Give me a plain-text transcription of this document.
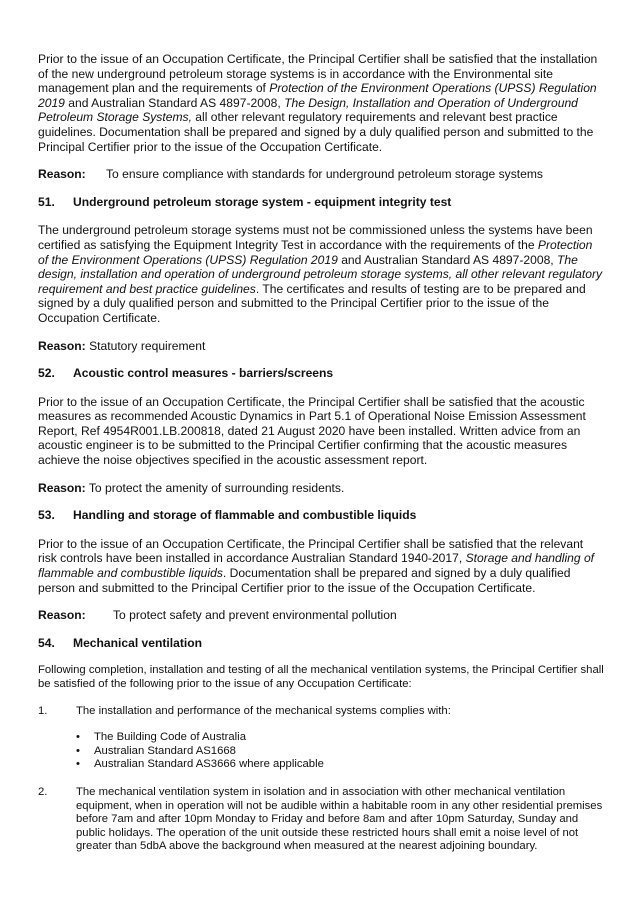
Prior to the issue of an Occupation Certificate, the Principal Certifier shall be satisfied that the installation of the new underground petroleum storage systems is in accordance with the Environmental site management plan and the requirements of Protection of the Environment Operations (UPSS) Regulation 2019 and Australian Standard AS 4897-2008, The Design, Installation and Operation of Underground Petroleum Storage Systems, all other relevant regulatory requirements and relevant best practice guidelines. Documentation shall be prepared and signed by a duly qualified person and submitted to the Principal Certifier prior to the issue of the Occupation Certificate.

Reason: To ensure compliance with standards for underground petroleum storage systems

51.	Underground petroleum storage system - equipment integrity test

The underground petroleum storage systems must not be commissioned unless the systems have been certified as satisfying the Equipment Integrity Test in accordance with the requirements of the Protection of the Environment Operations (UPSS) Regulation 2019 and Australian Standard AS 4897-2008, The design, installation and operation of underground petroleum storage systems, all other relevant regulatory requirement and best practice guidelines. The certificates and results of testing are to be prepared and signed by a duly qualified person and submitted to the Principal Certifier prior to the issue of the Occupation Certificate.

Reason: Statutory requirement

52.	Acoustic control measures - barriers/screens

Prior to the issue of an Occupation Certificate, the Principal Certifier shall be satisfied that the acoustic measures as recommended Acoustic Dynamics in Part 5.1 of Operational Noise Emission Assessment Report, Ref 4954R001.LB.200818, dated 21 August 2020 have been installed. Written advice from an acoustic engineer is to be submitted to the Principal Certifier confirming that the acoustic measures achieve the noise objectives specified in the acoustic assessment report.

Reason: To protect the amenity of surrounding residents.

53.	Handling and storage of flammable and combustible liquids

Prior to the issue of an Occupation Certificate, the Principal Certifier shall be satisfied that the relevant risk controls have been installed in accordance Australian Standard 1940-2017, Storage and handling of flammable and combustible liquids. Documentation shall be prepared and signed by a duly qualified person and submitted to the Principal Certifier prior to the issue of the Occupation Certificate.

Reason: To protect safety and prevent environmental pollution

54.	Mechanical ventilation

Following completion, installation and testing of all the mechanical ventilation systems, the Principal Certifier shall be satisfied of the following prior to the issue of any Occupation Certificate:

1.	The installation and performance of the mechanical systems complies with:
• The Building Code of Australia
• Australian Standard AS1668
• Australian Standard AS3666 where applicable
2.	The mechanical ventilation system in isolation and in association with other mechanical ventilation equipment, when in operation will not be audible within a habitable room in any other residential premises before 7am and after 10pm Monday to Friday and before 8am and after 10pm Saturday, Sunday and public holidays. The operation of the unit outside these restricted hours shall emit a noise level of not greater than 5dbA above the background when measured at the nearest adjoining boundary.
